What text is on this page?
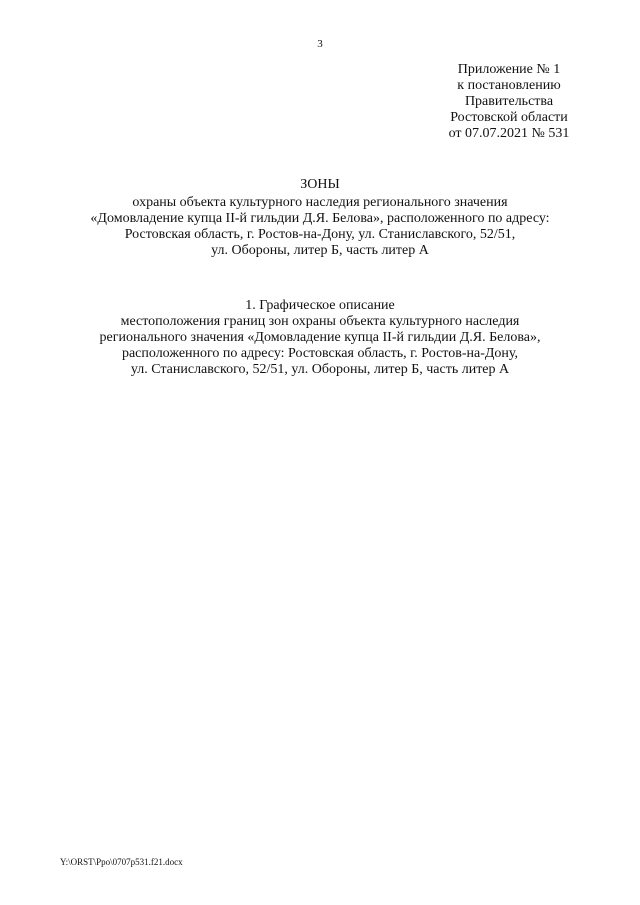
3
Приложение № 1
к постановлению
Правительства
Ростовской области
от 07.07.2021 № 531
ЗОНЫ
охраны объекта культурного наследия регионального значения
«Домовладение купца II-й гильдии Д.Я. Белова», расположенного по адресу:
Ростовская область, г. Ростов-на-Дону, ул. Станиславского, 52/51,
ул. Обороны, литер Б, часть литер А
1. Графическое описание
местоположения границ зон охраны объекта культурного наследия
регионального значения «Домовладение купца II-й гильдии Д.Я. Белова»,
расположенного по адресу: Ростовская область, г. Ростов-на-Дону,
ул. Станиславского, 52/51, ул. Обороны, литер Б, часть литер А
Y:\ORST\Ppo\0707p531.f21.docx
